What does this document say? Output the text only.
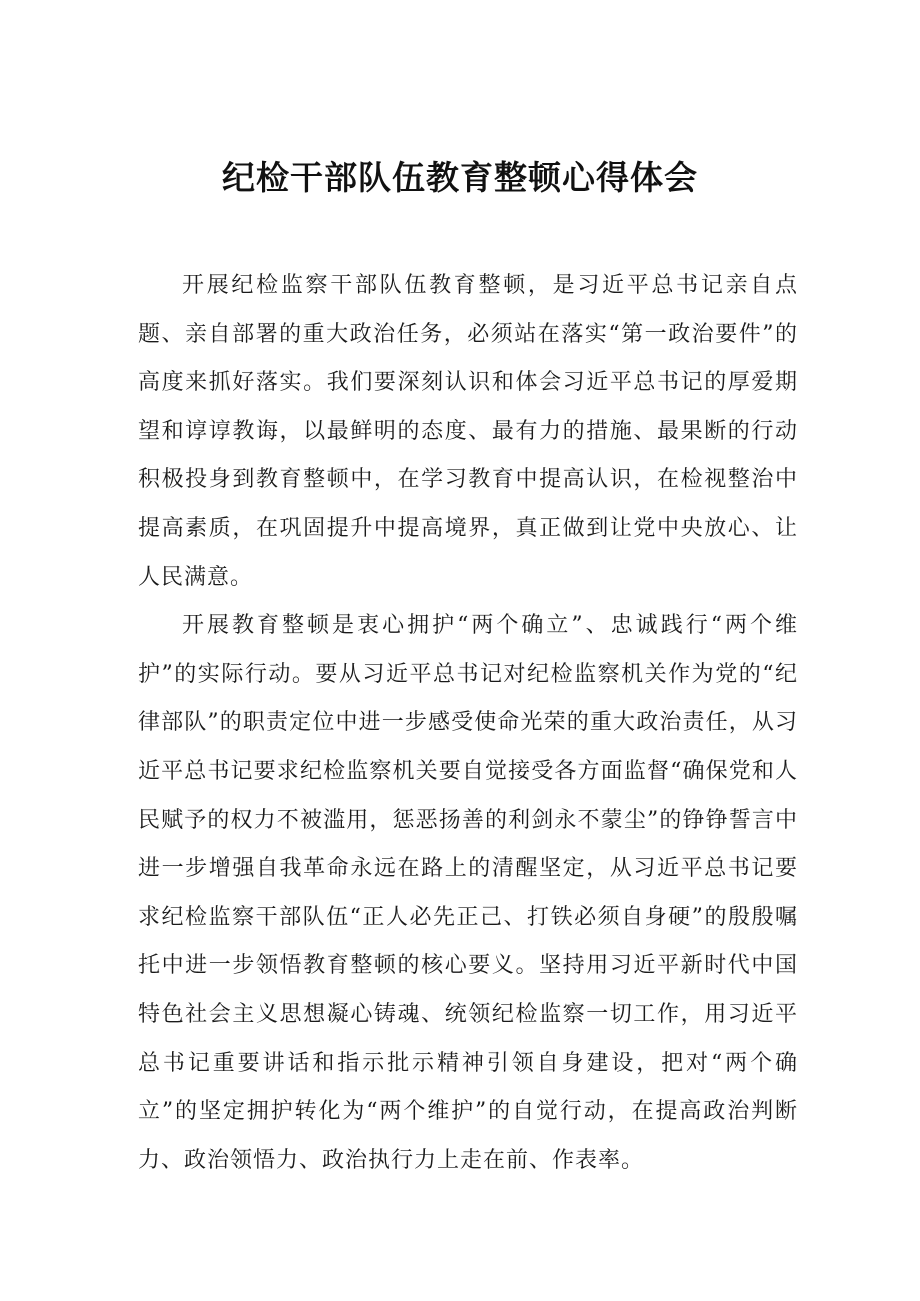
纪检干部队伍教育整顿心得体会

开展纪检监察干部队伍教育整顿，是习近平总书记亲自点题、亲自部署的重大政治任务，必须站在落实“第一政治要件”的高度来抓好落实。我们要深刻认识和体会习近平总书记的厚爱期望和谆谆教诲，以最鲜明的态度、最有力的措施、最果断的行动积极投身到教育整顿中，在学习教育中提高认识，在检视整治中提高素质，在巩固提升中提高境界，真正做到让党中央放心、让人民满意。

开展教育整顿是衷心拥护“两个确立”、忠诚践行“两个维护”的实际行动。要从习近平总书记对纪检监察机关作为党的“纪律部队”的职责定位中进一步感受使命光荣的重大政治责任，从习近平总书记要求纪检监察机关要自觉接受各方面监督“确保党和人民赋予的权力不被滥用，惩恶扬善的利剑永不蒙尘”的铮铮誓言中进一步增强自我革命永远在路上的清醒坚定，从习近平总书记要求纪检监察干部队伍“正人必先正己、打铁必须自身硬”的殷殷嘱托中进一步领悟教育整顿的核心要义。坚持用习近平新时代中国特色社会主义思想凝心铸魂、统领纪检监察一切工作，用习近平总书记重要讲话和指示批示精神引领自身建设，把对“两个确立”的坚定拥护转化为“两个维护”的自觉行动，在提高政治判断力、政治领悟力、政治执行力上走在前、作表率。
